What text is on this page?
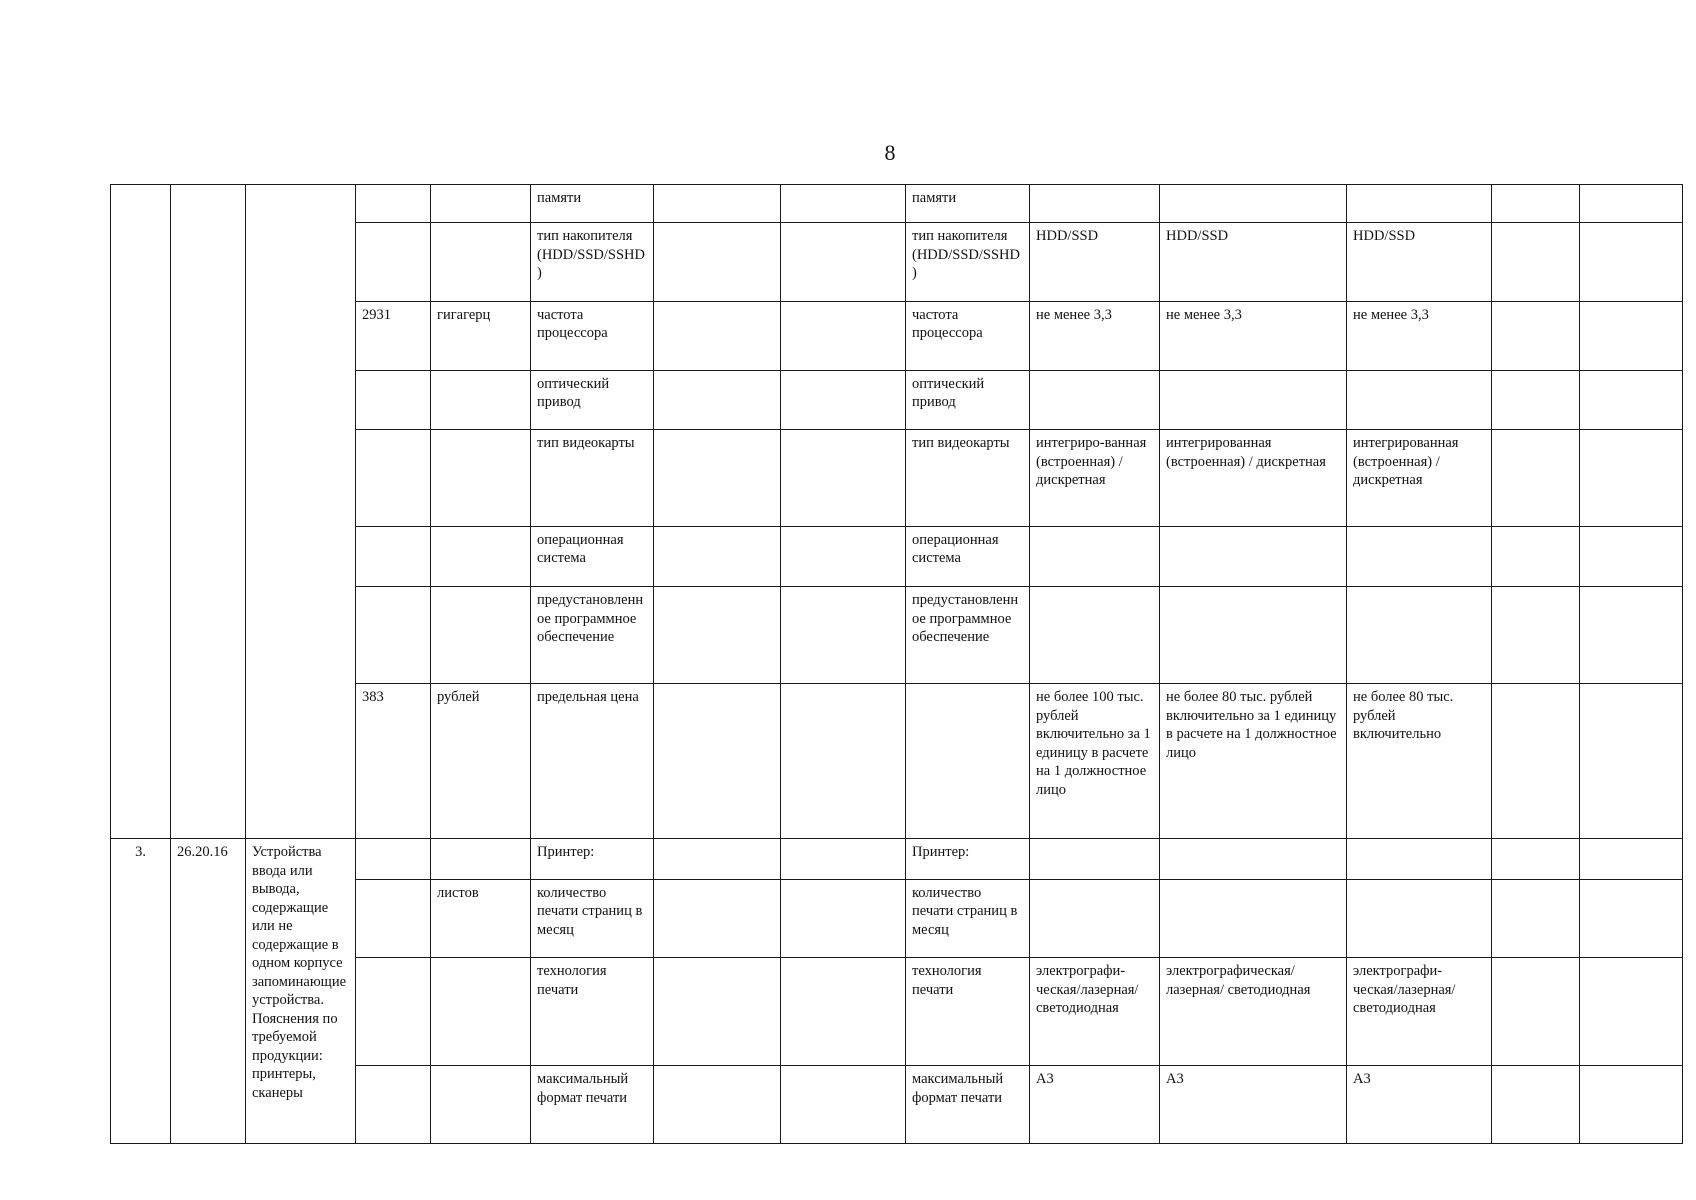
8
					памяти			памяти					
					тип накопителя (HDD/SSD/SSHD)			тип накопителя (HDD/SSD/SSHD)	HDD/SSD	HDD/SSD	HDD/SSD		
			2931	гигагерц	частота процессора			частота процессора	не менее 3,3	не менее 3,3	не менее 3,3		
					оптический привод			оптический привод					
					тип видеокарты			тип видеокарты	интегриро-ванная (встроенная) / дискретная	интегрированная (встроенная) / дискретная	интегрированная (встроенная) / дискретная		
					операционная система			операционная система					
					предустановленное программное обеспечение			предустановленное программное обеспечение					
			383	рублей	предельная цена				не более 100 тыс. рублей включительно за 1 единицу в расчете на 1 должностное лицо	не более 80 тыс. рублей включительно за 1 единицу в расчете на 1 должностное лицо	не более 80 тыс. рублей включительно		
3.	26.20.16	Устройства ввода или вывода, содержащие или не содержащие в одном корпусе запоминающие устройства. Пояснения по требуемой продукции: принтеры, сканеры			Принтер:			Принтер:					
				листов	количество печати страниц в месяц			количество печати страниц в месяц					
					технология печати			технология печати	электрографи-ческая/лазерная/ светодиодная	электрографическая/ лазерная/ светодиодная	электрографи-ческая/лазерная/ светодиодная		
					максимальный формат печати			максимальный формат печати	А3	А3	А3		
